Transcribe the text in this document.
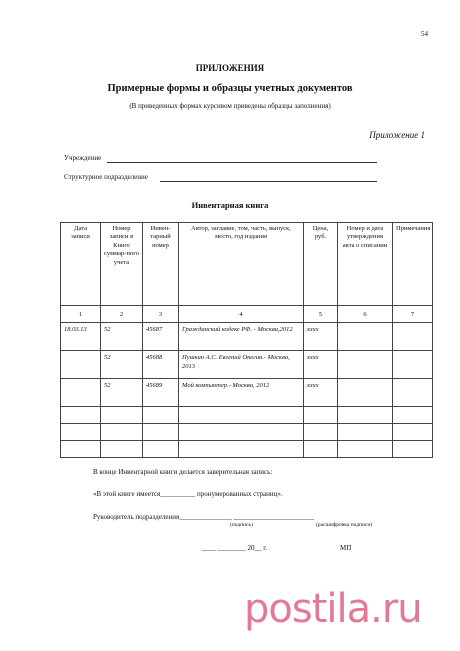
54
ПРИЛОЖЕНИЯ
Примерные формы и образцы учетных документов
(В приведенных формах курсивом приведены образцы заполнения)
Приложение 1
Учреждение
Структурное подразделение
Инвентарная книга
Дата записи	Номер записи в Книге суммар-ного учета	Инвен-тарный номер	Автор, заглавие, том, часть, выпуск, место, год издания	Цена, руб.	Номер и дата утверждения акта о списании	Примечания
1	2	3	4	5	6	7
18.03.13	52	45687	Гражданский кодекс РФ. - Москва,2012	хххх		
	52	45688	Пушкин А.С. Евгений Онегин.- Москва, 2013	хххх		
	52	45689	Мой компьютер.- Москва, 2012	хххх		

В конце Инвентарной книги делается заверительная запись:
«В этой книге имеется__________ пронумерованных страниц».
Руководитель подразделения_______________ _______________________
(подпись)	(расшифровка подписи)
____ ________ 20__ г.	МП
postila.ru
